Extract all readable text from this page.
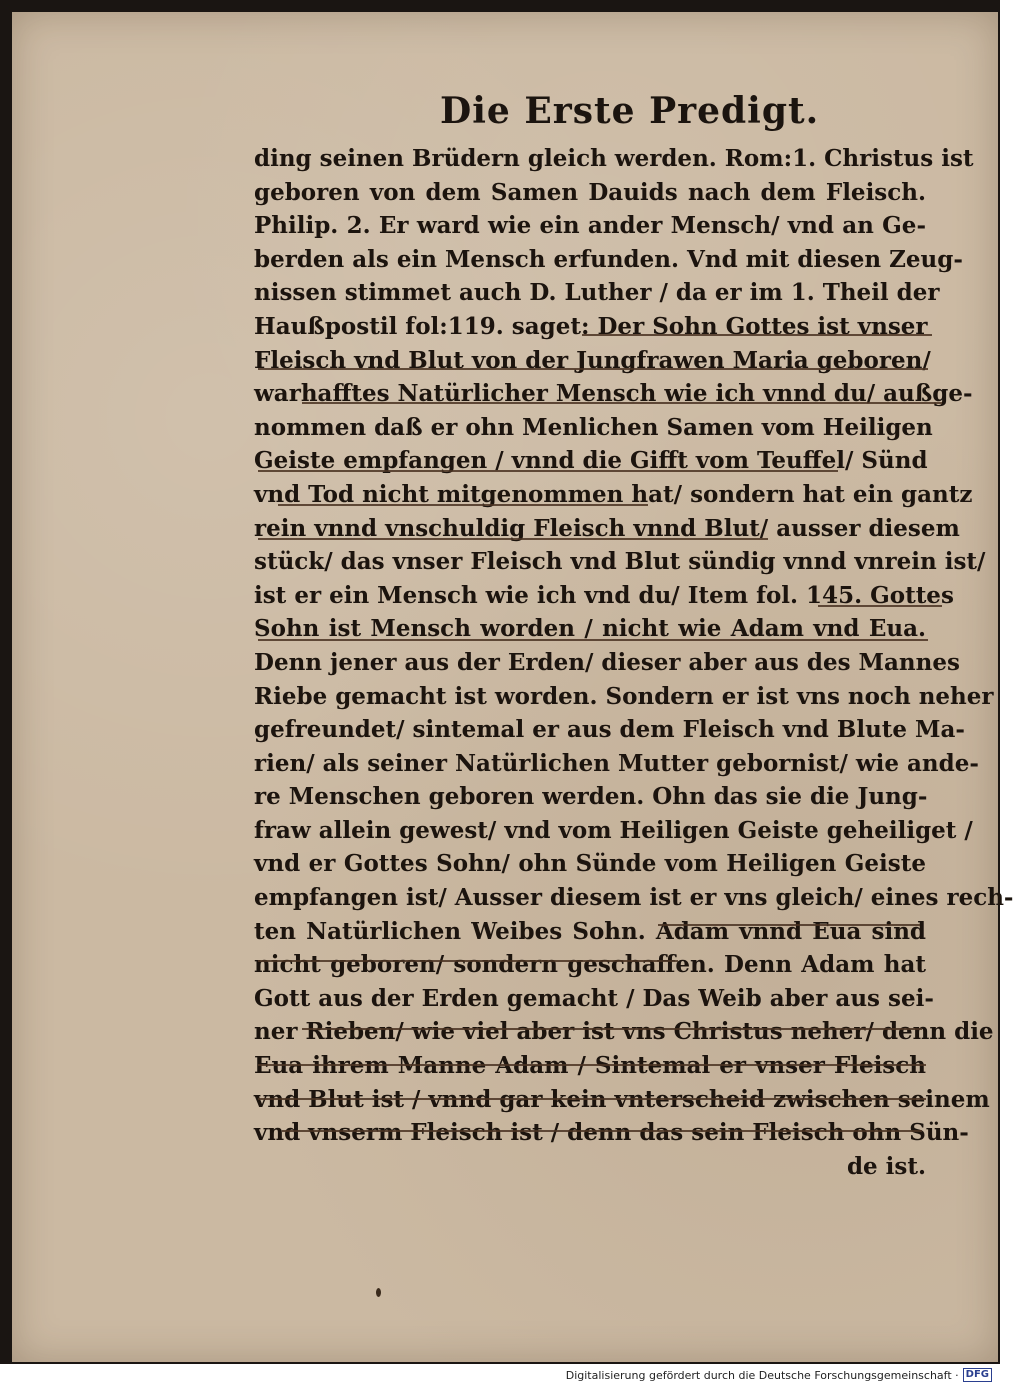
Die Erste Predigt.
ding seinen Brüdern gleich werden. Rom:1. Christus ist
geboren von dem Samen Dauids nach dem Fleisch.
Philip. 2. Er ward wie ein ander Mensch/ vnd an Ge-
berden als ein Mensch erfunden. Vnd mit diesen Zeug-
nissen stimmet auch D. Luther / da er im 1. Theil der
Haußpostil fol:119. saget: Der Sohn Gottes ist vnser
Fleisch vnd Blut von der Jungfrawen Maria geboren/
warhafftes Natürlicher Mensch wie ich vnnd du/ außge-
nommen daß er ohn Menlichen Samen vom Heiligen
Geiste empfangen / vnnd die Gifft vom Teuffel/ Sünd
vnd Tod nicht mitgenommen hat/ sondern hat ein gantz
rein vnnd vnschuldig Fleisch vnnd Blut/ ausser diesem
stück/ das vnser Fleisch vnd Blut sündig vnnd vnrein ist/
ist er ein Mensch wie ich vnd du/ Item fol. 145. Gottes
Sohn ist Mensch worden / nicht wie Adam vnd Eua.
Denn jener aus der Erden/ dieser aber aus des Mannes
Riebe gemacht ist worden. Sondern er ist vns noch neher
gefreundet/ sintemal er aus dem Fleisch vnd Blute Ma-
rien/ als seiner Natürlichen Mutter gebornist/ wie ande-
re Menschen geboren werden. Ohn das sie die Jung-
fraw allein gewest/ vnd vom Heiligen Geiste geheiliget /
vnd er Gottes Sohn/ ohn Sünde vom Heiligen Geiste
empfangen ist/ Ausser diesem ist er vns gleich/ eines rech-
ten Natürlichen Weibes Sohn. Adam vnnd Eua sind
nicht geboren/ sondern geschaffen. Denn Adam hat
Gott aus der Erden gemacht / Das Weib aber aus sei-
ner Rieben/ wie viel aber ist vns Christus neher/ denn die
Eua ihrem Manne Adam / Sintemal er vnser Fleisch
vnd Blut ist / vnnd gar kein vnterscheid zwischen seinem
vnd vnserm Fleisch ist / denn das sein Fleisch ohn Sün-
de ist.
Digitalisierung gefördert durch die Deutsche Forschungsgemeinschaft · DFG
